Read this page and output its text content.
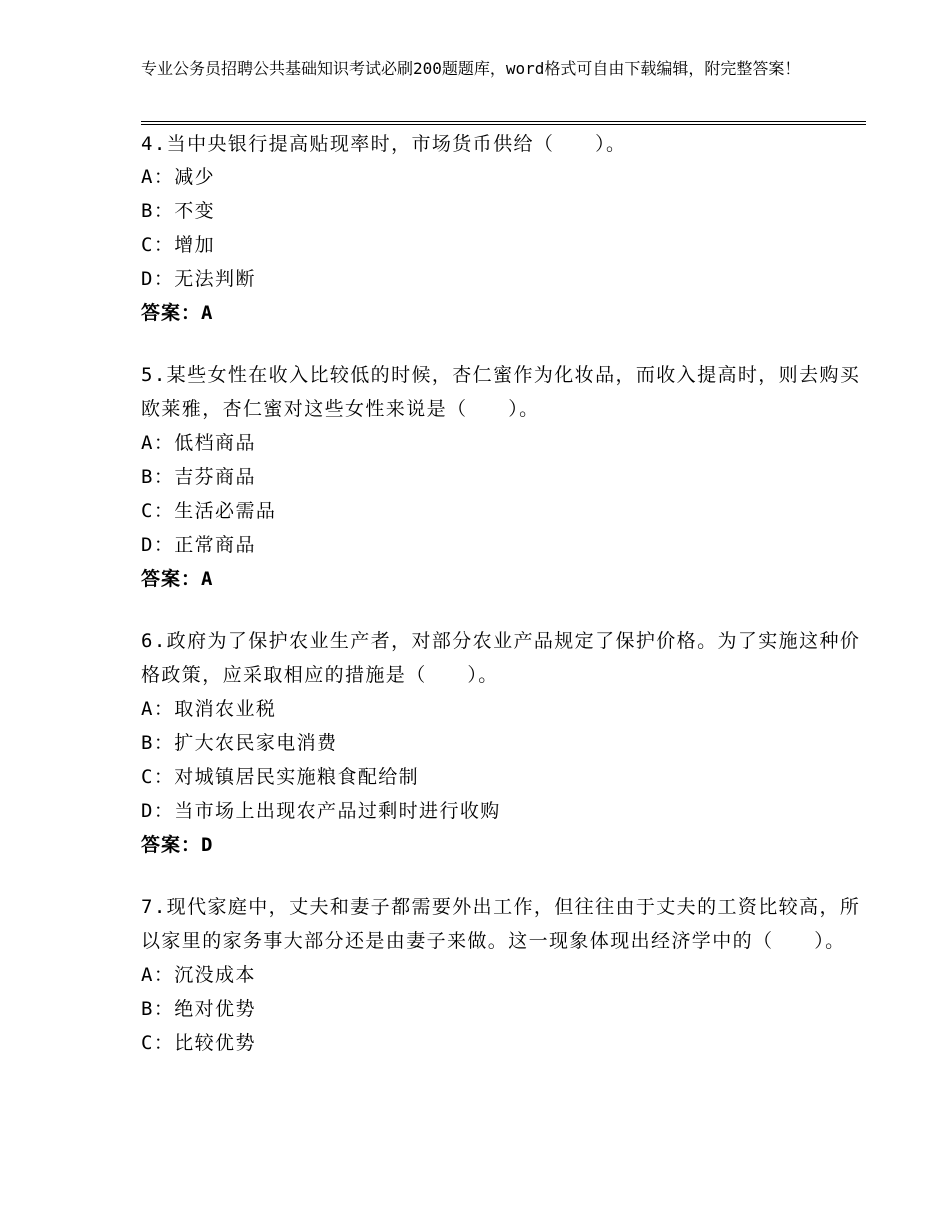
专业公务员招聘公共基础知识考试必刷200题题库，word格式可自由下载编辑，附完整答案！

4.当中央银行提高贴现率时，市场货币供给（　　）。

A：减少

B：不变

C：增加

D：无法判断

答案：A

5.某些女性在收入比较低的时候，杏仁蜜作为化妆品，而收入提高时，则去购买欧莱雅，杏仁蜜对这些女性来说是（　　）。

A：低档商品

B：吉芬商品

C：生活必需品

D：正常商品

答案：A

6.政府为了保护农业生产者，对部分农业产品规定了保护价格。为了实施这种价格政策，应采取相应的措施是（　　）。

A：取消农业税

B：扩大农民家电消费

C：对城镇居民实施粮食配给制

D：当市场上出现农产品过剩时进行收购

答案：D

7.现代家庭中，丈夫和妻子都需要外出工作，但往往由于丈夫的工资比较高，所以家里的家务事大部分还是由妻子来做。这一现象体现出经济学中的（　　）。

A：沉没成本

B：绝对优势

C：比较优势
